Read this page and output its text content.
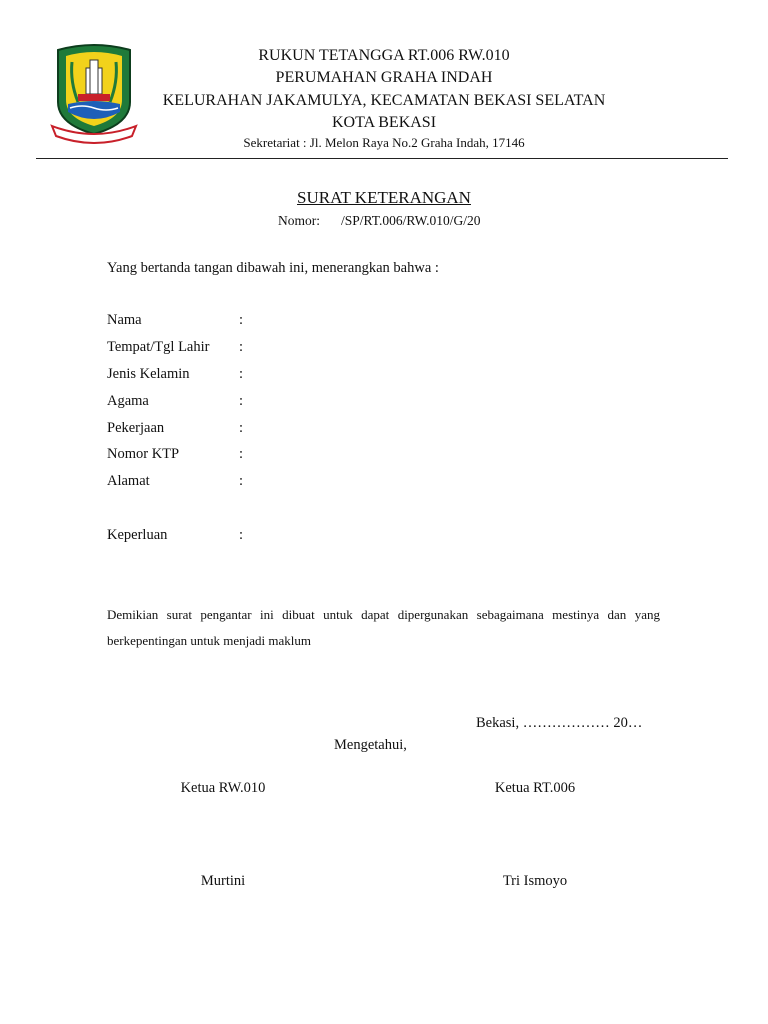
RUKUN TETANGGA RT.006 RW.010
PERUMAHAN GRAHA INDAH
KELURAHAN JAKAMULYA, KECAMATAN BEKASI SELATAN
KOTA BEKASI
Sekretariat : Jl. Melon Raya No.2 Graha Indah, 17146
SURAT KETERANGAN
Nomor: /SP/RT.006/RW.010/G/20
Yang bertanda tangan dibawah ini, menerangkan bahwa :
Nama	:
Tempat/Tgl Lahir :
Jenis Kelamin	:
Agama	:
Pekerjaan	:
Nomor KTP	:
Alamat	:
Keperluan	:
Demikian surat pengantar ini dibuat untuk dapat dipergunakan sebagaimana mestinya dan yang
berkepentingan untuk menjadi maklum
Bekasi, ……………… 20…
Mengetahui,
Ketua RW.010	Ketua RT.006
Murtini	Tri Ismoyo
